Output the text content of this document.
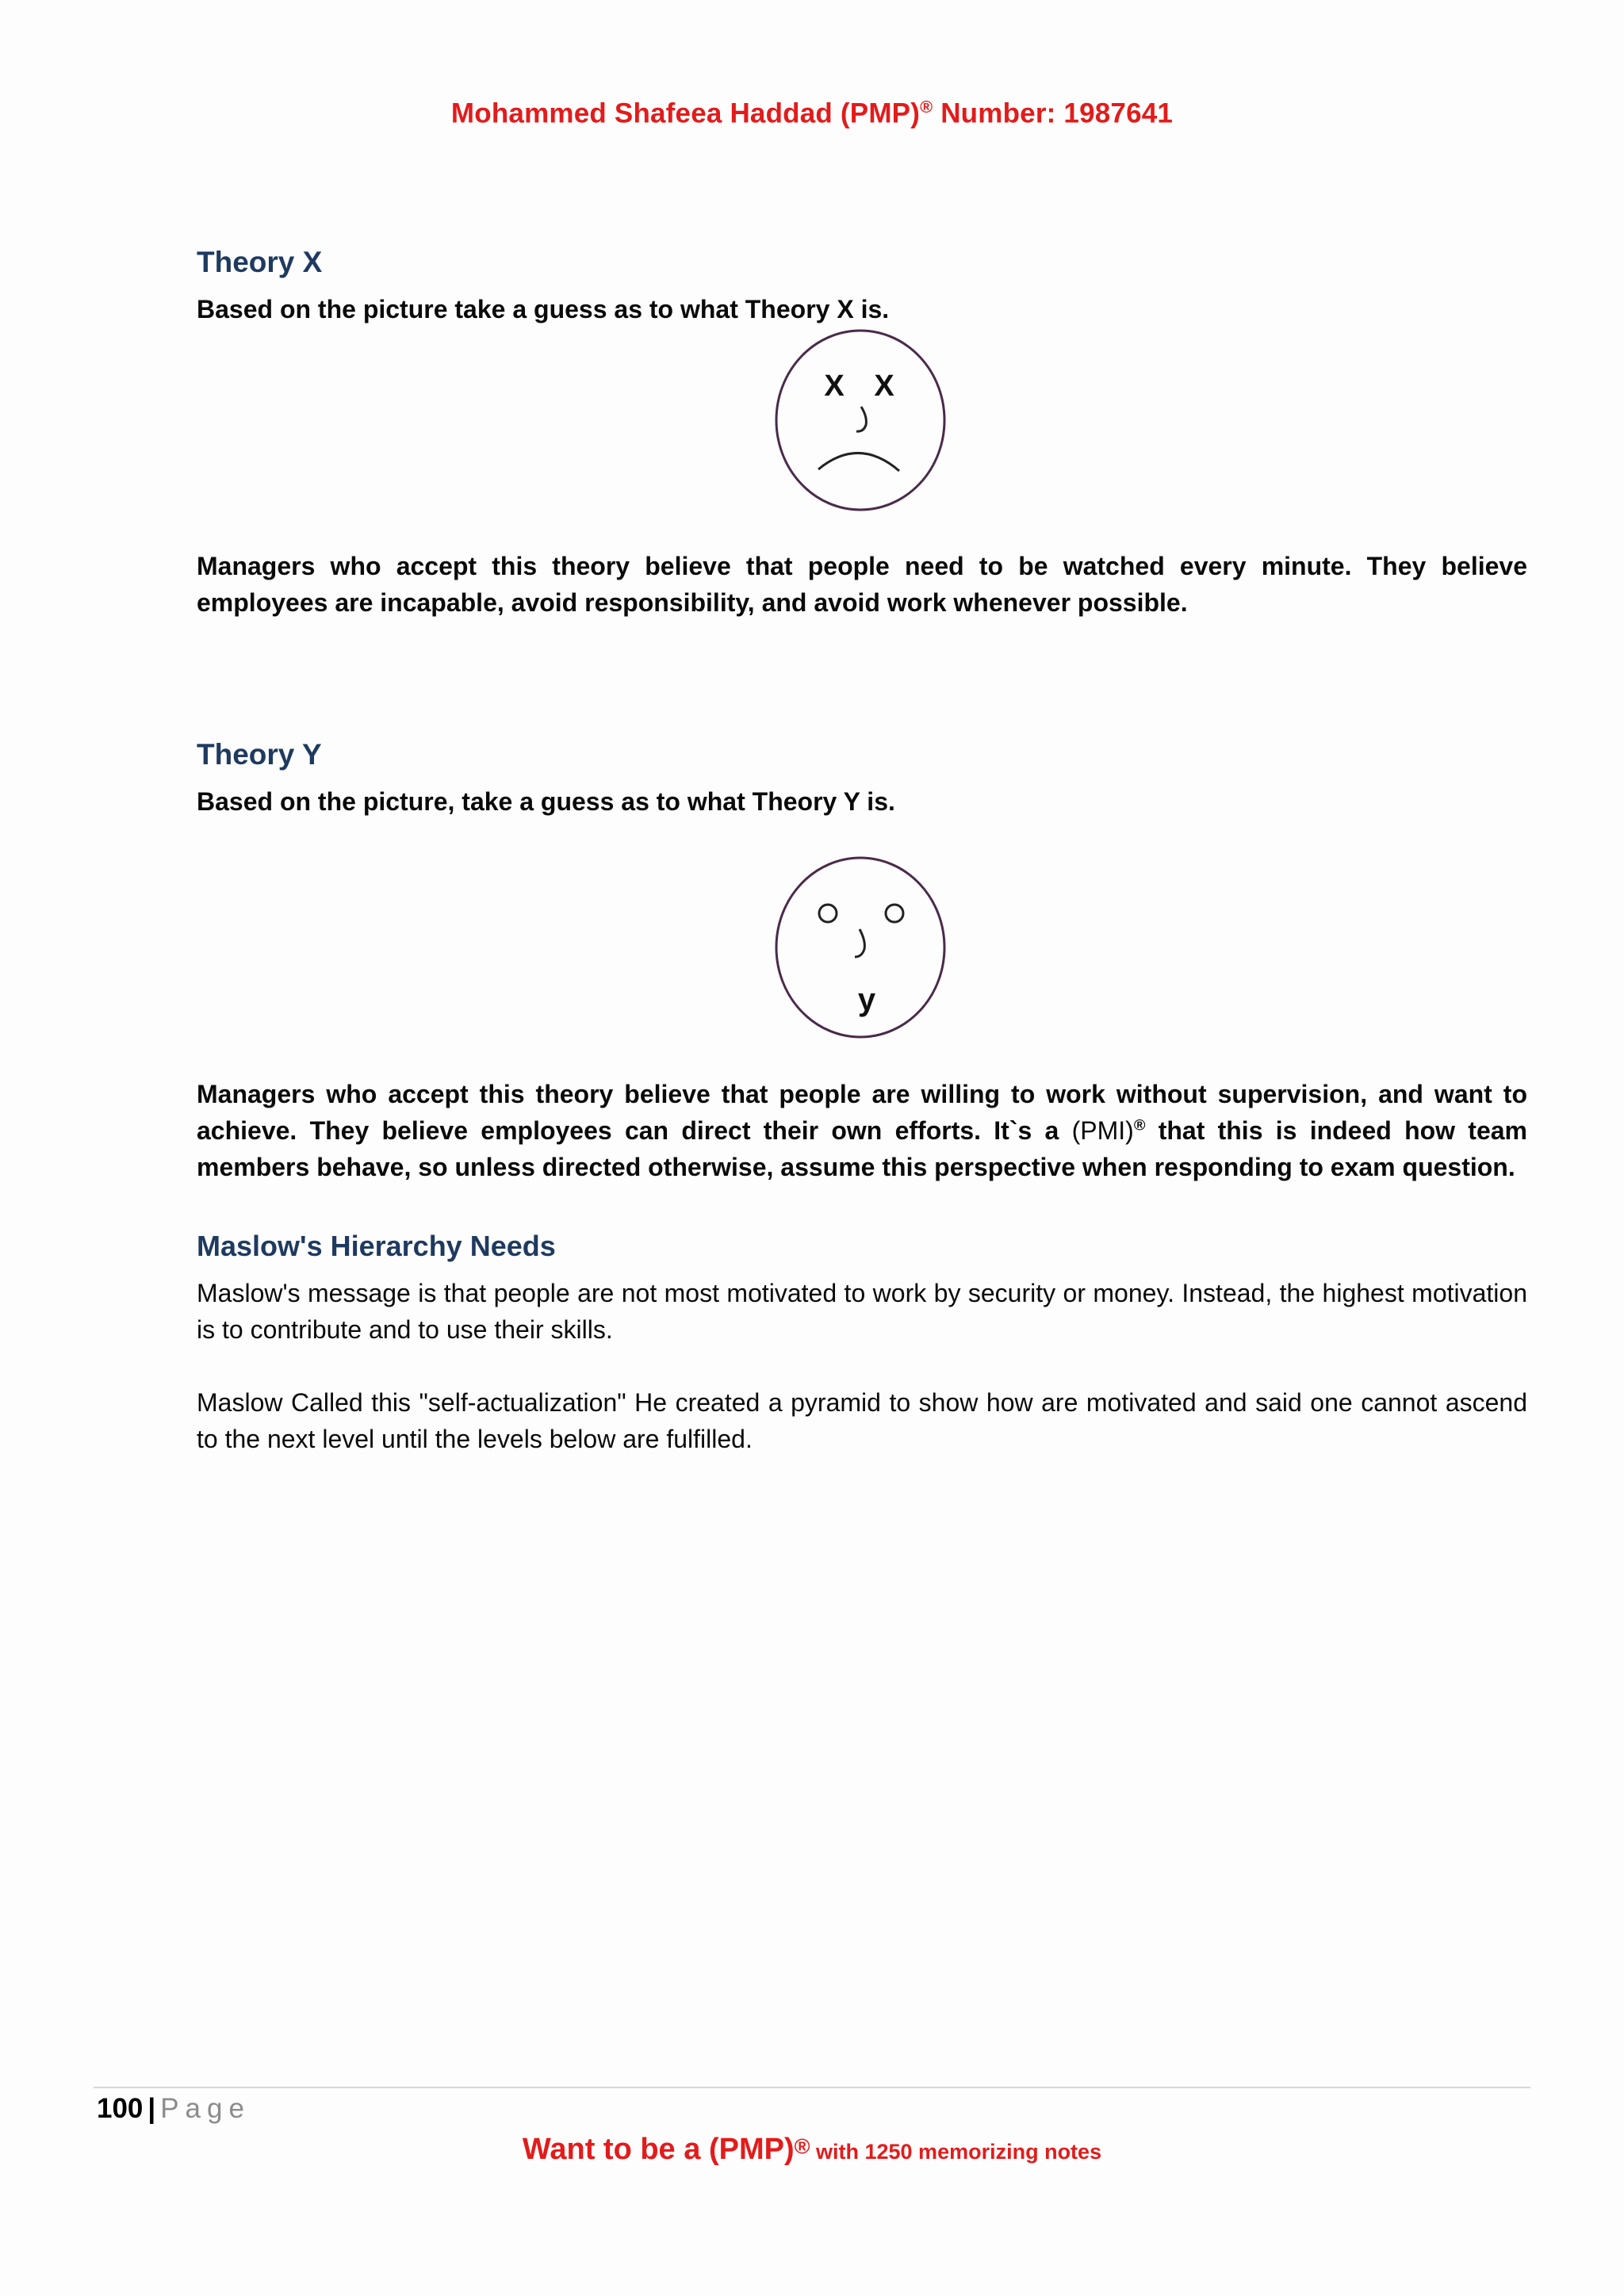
Mohammed Shafeea Haddad (PMP)® Number: 1987641
Theory X
Based on the picture take a guess as to what Theory X is.
X X
Managers who accept this theory believe that people need to be watched every minute. They believe employees are incapable, avoid responsibility, and avoid work whenever possible.
Theory Y
Based on the picture, take a guess as to what Theory Y is.
y
Managers who accept this theory believe that people are willing to work without supervision, and want to achieve. They believe employees can direct their own efforts. It`s a (PMI)® that this is indeed how team members behave, so unless directed otherwise, assume this perspective when responding to exam question.
Maslow's Hierarchy Needs
Maslow's message is that people are not most motivated to work by security or money. Instead, the highest motivation is to contribute and to use their skills.
Maslow Called this "self-actualization" He created a pyramid to show how are motivated and said one cannot ascend to the next level until the levels below are fulfilled.
100 | Page
Want to be a (PMP)® with 1250 memorizing notes
